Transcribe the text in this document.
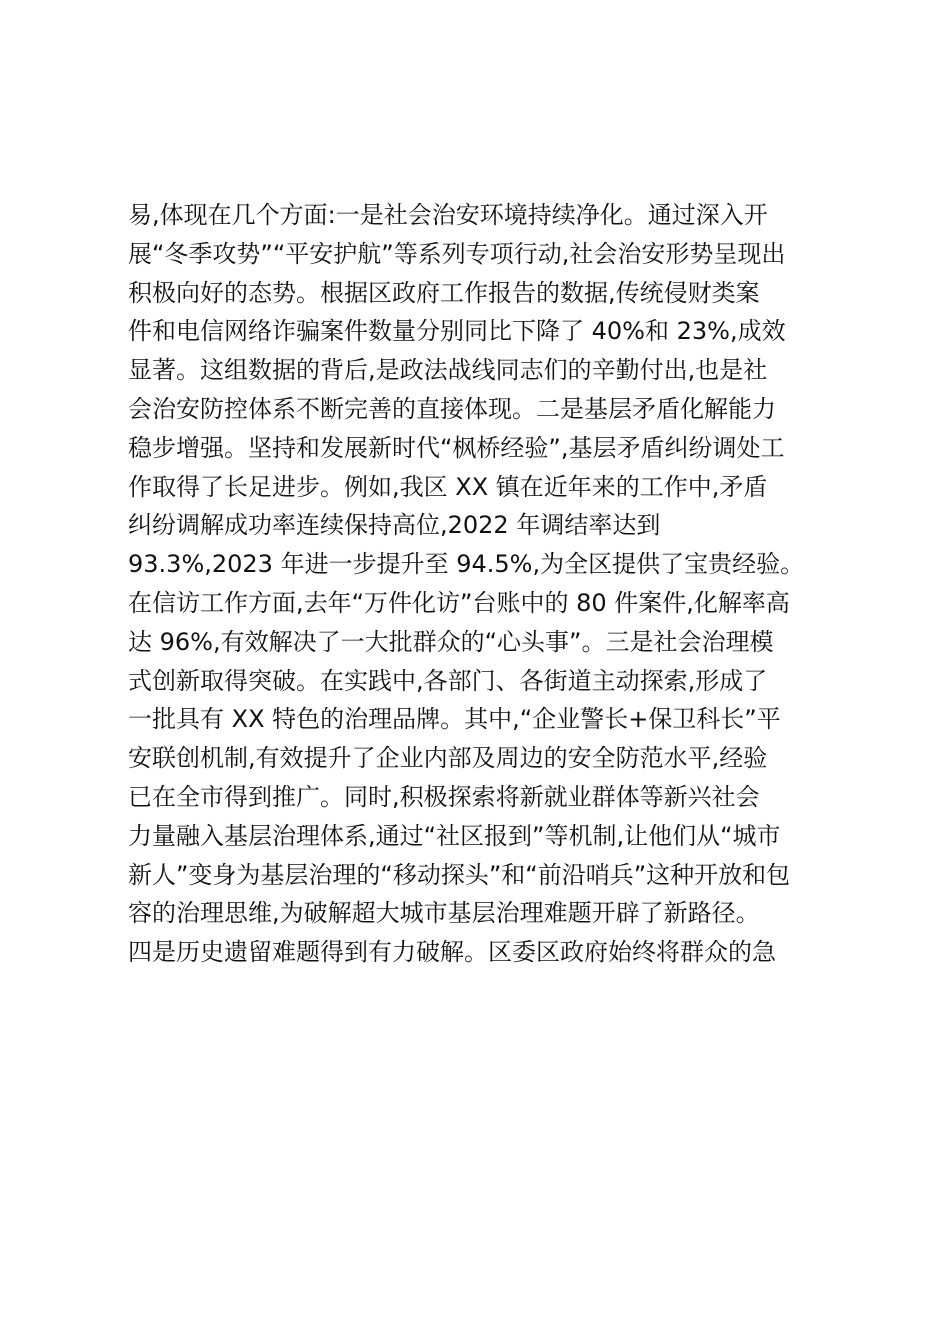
易,体现在几个方面:一是社会治安环境持续净化。通过深入开
展“冬季攻势”“平安护航”等系列专项行动,社会治安形势呈现出
积极向好的态势。根据区政府工作报告的数据,传统侵财类案
件和电信网络诈骗案件数量分别同比下降了 40%和 23%,成效
显著。这组数据的背后,是政法战线同志们的辛勤付出,也是社
会治安防控体系不断完善的直接体现。二是基层矛盾化解能力
稳步增强。坚持和发展新时代“枫桥经验”,基层矛盾纠纷调处工
作取得了长足进步。例如,我区 XX 镇在近年来的工作中,矛盾
纠纷调解成功率连续保持高位,2022 年调结率达到
93.3%,2023 年进一步提升至 94.5%,为全区提供了宝贵经验。
在信访工作方面,去年“万件化访”台账中的 80 件案件,化解率高
达 96%,有效解决了一大批群众的“心头事”。三是社会治理模
式创新取得突破。在实践中,各部门、各街道主动探索,形成了
一批具有 XX 特色的治理品牌。其中,“企业警长+保卫科长”平
安联创机制,有效提升了企业内部及周边的安全防范水平,经验
已在全市得到推广。同时,积极探索将新就业群体等新兴社会
力量融入基层治理体系,通过“社区报到”等机制,让他们从“城市
新人”变身为基层治理的“移动探头”和“前沿哨兵”这种开放和包
容的治理思维,为破解超大城市基层治理难题开辟了新路径。
四是历史遗留难题得到有力破解。区委区政府始终将群众的急
